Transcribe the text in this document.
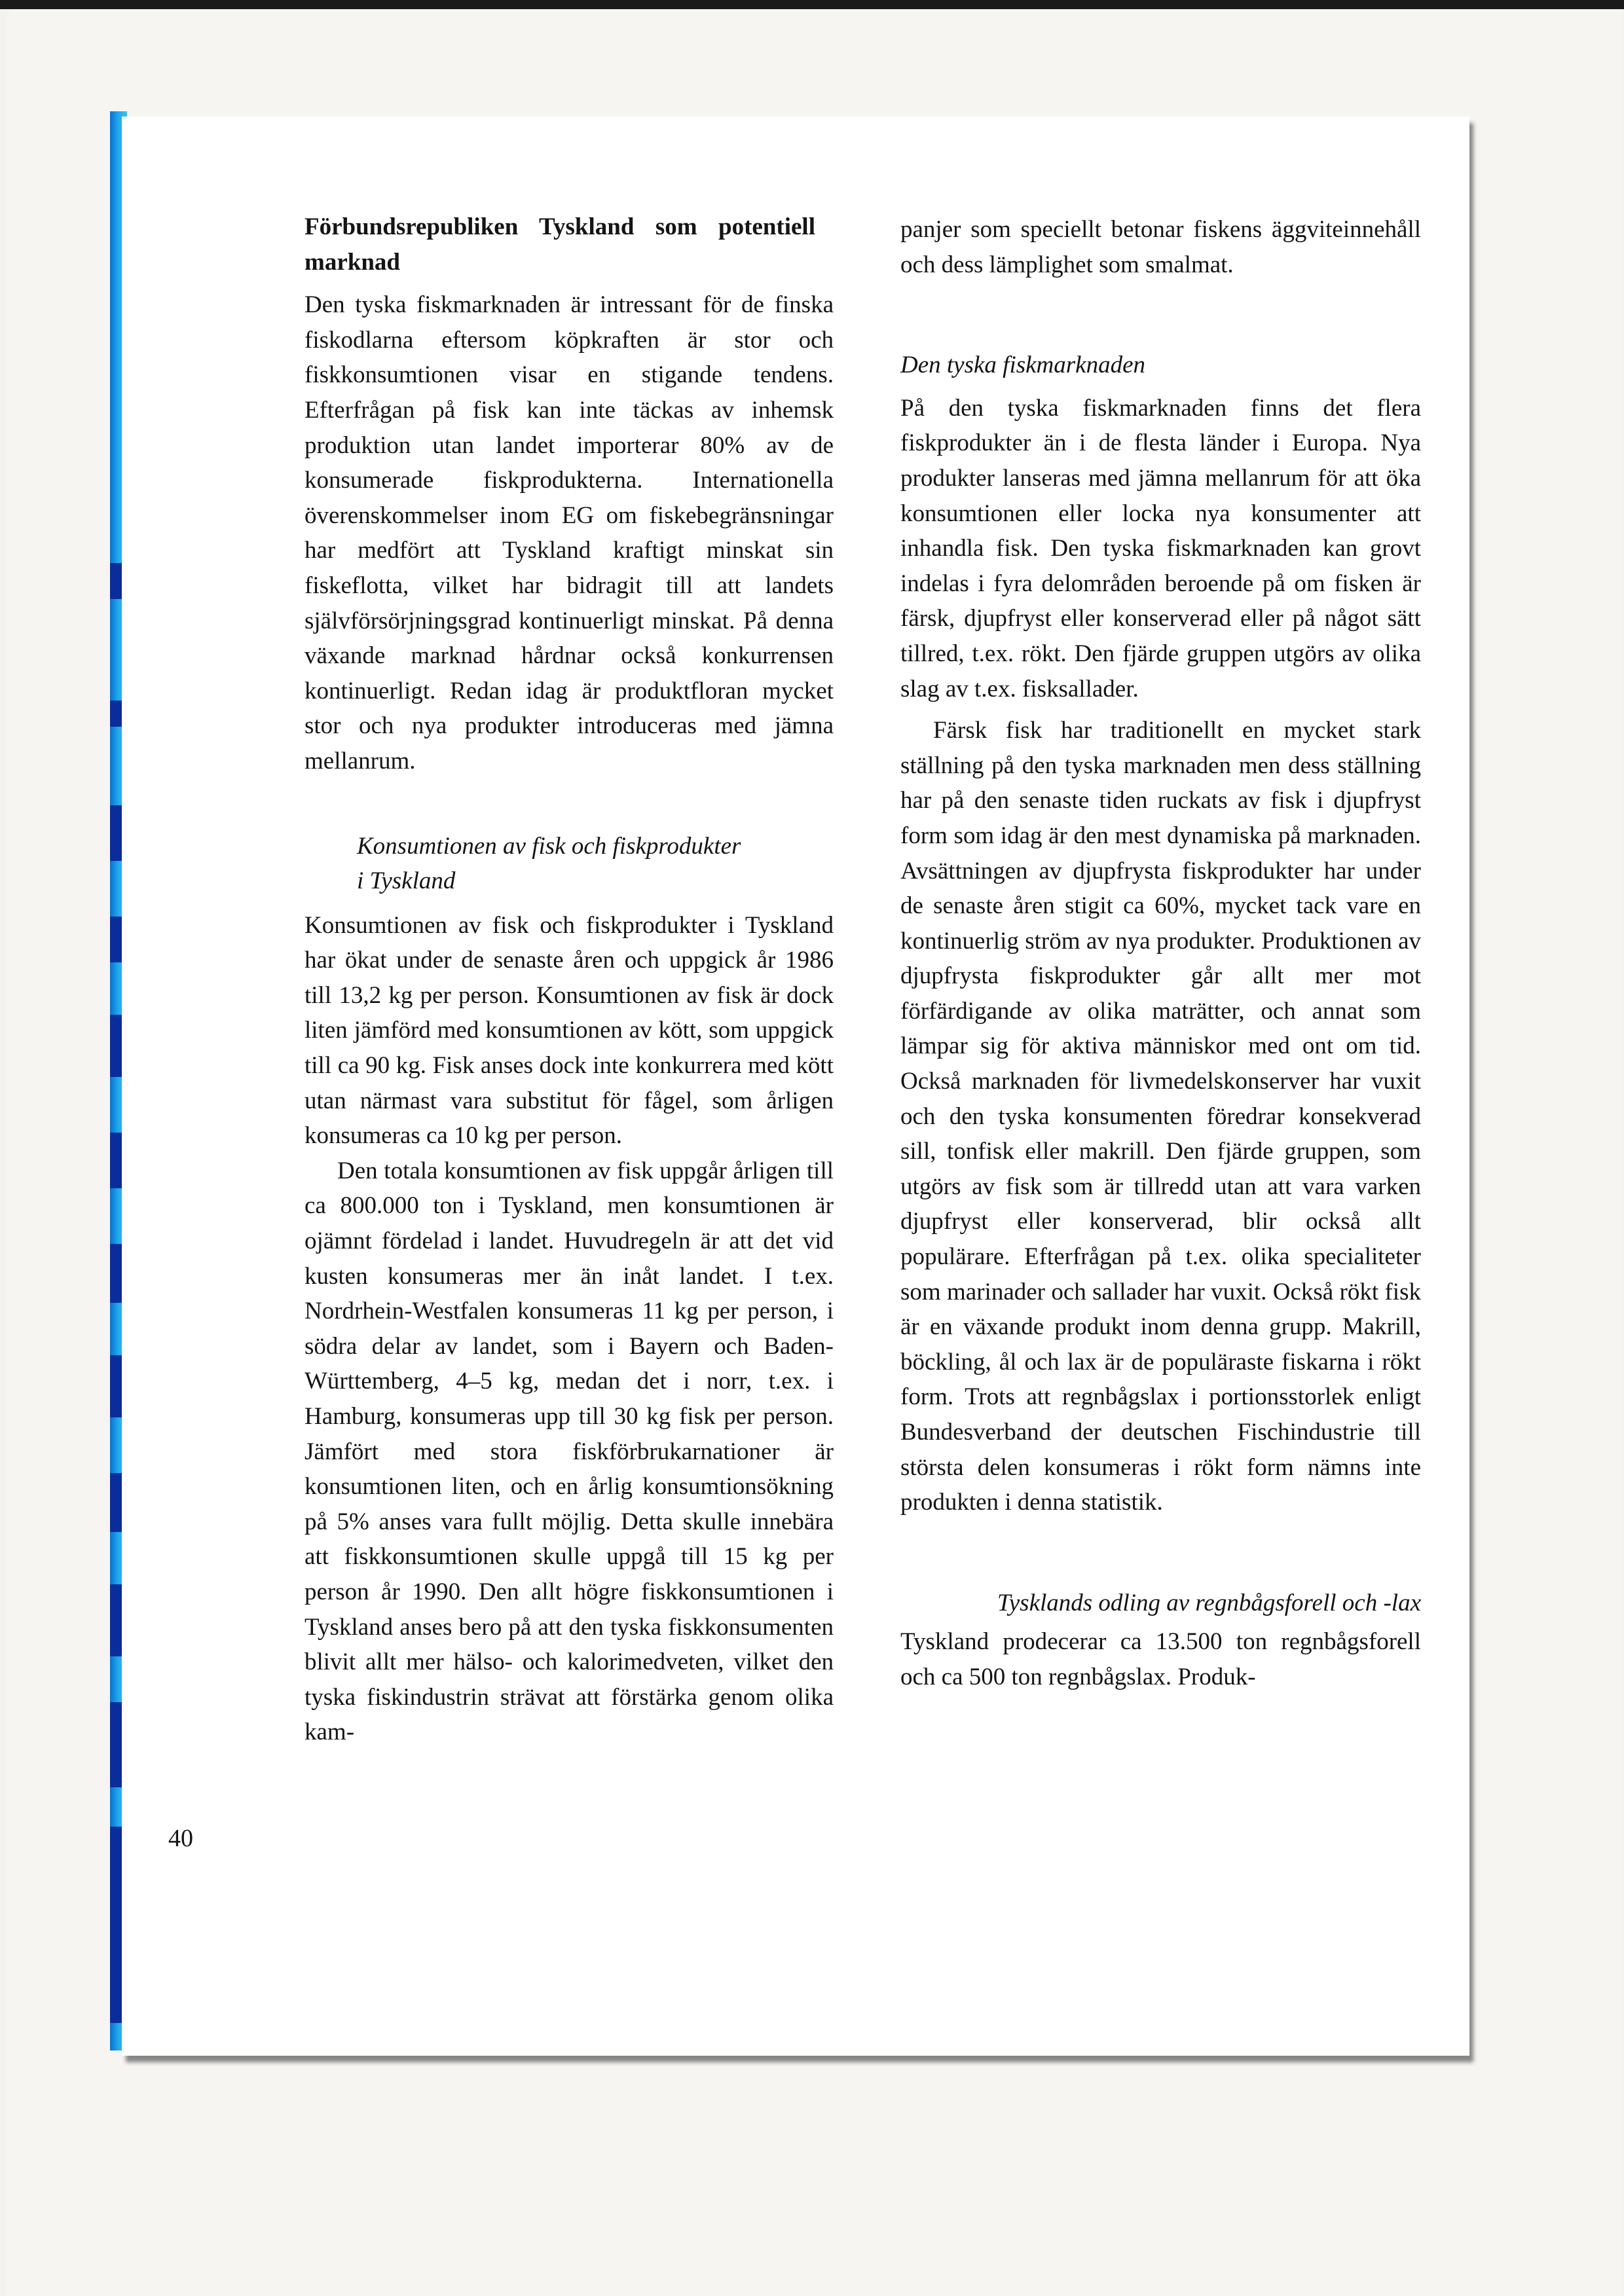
Förbundsrepubliken Tyskland som potentiell marknad

Den tyska fiskmarknaden är intressant för de finska fiskodlarna eftersom köpkraften är stor och fiskkonsumtionen visar en stigande tendens. Efterfrågan på fisk kan inte täckas av inhemsk produktion utan landet importerar 80% av de konsumerade fiskprodukterna. Internationella överenskommelser inom EG om fiskebegränsningar har medfört att Tyskland kraftigt minskat sin fiskeflotta, vilket har bidragit till att landets självförsörjningsgrad kontinuerligt minskat. På denna växande marknad hårdnar också konkurrensen kontinuerligt. Redan idag är produktfloran mycket stor och nya produkter introduceras med jämna mellanrum.

Konsumtionen av fisk och fiskprodukter i Tyskland

Konsumtionen av fisk och fiskprodukter i Tyskland har ökat under de senaste åren och uppgick år 1986 till 13,2 kg per person. Konsumtionen av fisk är dock liten jämförd med konsumtionen av kött, som uppgick till ca 90 kg. Fisk anses dock inte konkurrera med kött utan närmast vara substitut för fågel, som årligen konsumeras ca 10 kg per person.

Den totala konsumtionen av fisk uppgår årligen till ca 800.000 ton i Tyskland, men konsumtionen är ojämnt fördelad i landet. Huvudregeln är att det vid kusten konsumeras mer än inåt landet. I t.ex. Nordrhein-Westfalen konsumeras 11 kg per person, i södra delar av landet, som i Bayern och Baden-Württemberg, 4–5 kg, medan det i norr, t.ex. i Hamburg, konsumeras upp till 30 kg fisk per person. Jämfört med stora fiskförbrukarnationer är konsumtionen liten, och en årlig konsumtionsökning på 5% anses vara fullt möjlig. Detta skulle innebära att fiskkonsumtionen skulle uppgå till 15 kg per person år 1990. Den allt högre fiskkonsumtionen i Tyskland anses bero på att den tyska fiskkonsumenten blivit allt mer hälso- och kalorimedveten, vilket den tyska fiskindustrin strävat att förstärka genom olika kam-

panjer som speciellt betonar fiskens äggviteinnehåll och dess lämplighet som smalmat.

Den tyska fiskmarknaden

På den tyska fiskmarknaden finns det flera fiskprodukter än i de flesta länder i Europa. Nya produkter lanseras med jämna mellanrum för att öka konsumtionen eller locka nya konsumenter att inhandla fisk. Den tyska fiskmarknaden kan grovt indelas i fyra delområden beroende på om fisken är färsk, djupfryst eller konserverad eller på något sätt tillred, t.ex. rökt. Den fjärde gruppen utgörs av olika slag av t.ex. fisksallader.

Färsk fisk har traditionellt en mycket stark ställning på den tyska marknaden men dess ställning har på den senaste tiden ruckats av fisk i djupfryst form som idag är den mest dynamiska på marknaden. Avsättningen av djupfrysta fiskprodukter har under de senaste åren stigit ca 60%, mycket tack vare en kontinuerlig ström av nya produkter. Produktionen av djupfrysta fiskprodukter går allt mer mot förfärdigande av olika maträtter, och annat som lämpar sig för aktiva människor med ont om tid. Också marknaden för livmedelskonserver har vuxit och den tyska konsumenten föredrar konsekverad sill, tonfisk eller makrill. Den fjärde gruppen, som utgörs av fisk som är tillredd utan att vara varken djupfryst eller konserverad, blir också allt populärare. Efterfrågan på t.ex. olika specialiteter som marinader och sallader har vuxit. Också rökt fisk är en växande produkt inom denna grupp. Makrill, böckling, ål och lax är de populäraste fiskarna i rökt form. Trots att regnbågslax i portionsstorlek enligt Bundesverband der deutschen Fischindustrie till största delen konsumeras i rökt form nämns inte produkten i denna statistik.

Tysklands odling av regnbågsforell och -lax

Tyskland prodecerar ca 13.500 ton regnbågsforell och ca 500 ton regnbågslax. Produk-

40
